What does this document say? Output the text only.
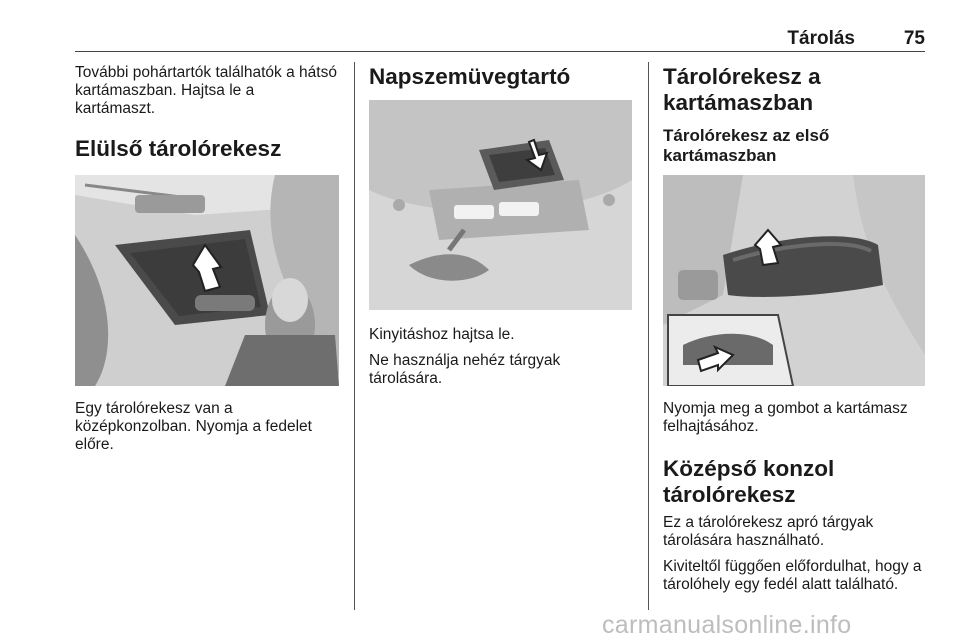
Tárolás	75

További pohártartók találhatók a hátsó kartámaszban. Hajtsa le a kartámaszt.

Elülső tárolórekesz

Egy tárolórekesz van a középkonzolban. Nyomja a fedelet előre.

Napszemüvegtartó

Kinyitáshoz hajtsa le.

Ne használja nehéz tárgyak tárolására.

Tárolórekesz a kartámaszban
Tárolórekesz az első kartámaszban

Nyomja meg a gombot a kartámasz felhajtásához.

Középső konzol tárolórekesz

Ez a tárolórekesz apró tárgyak tárolására használható.

Kiviteltől függően előfordulhat, hogy a tárolóhely egy fedél alatt található.

carmanualsonline.info
